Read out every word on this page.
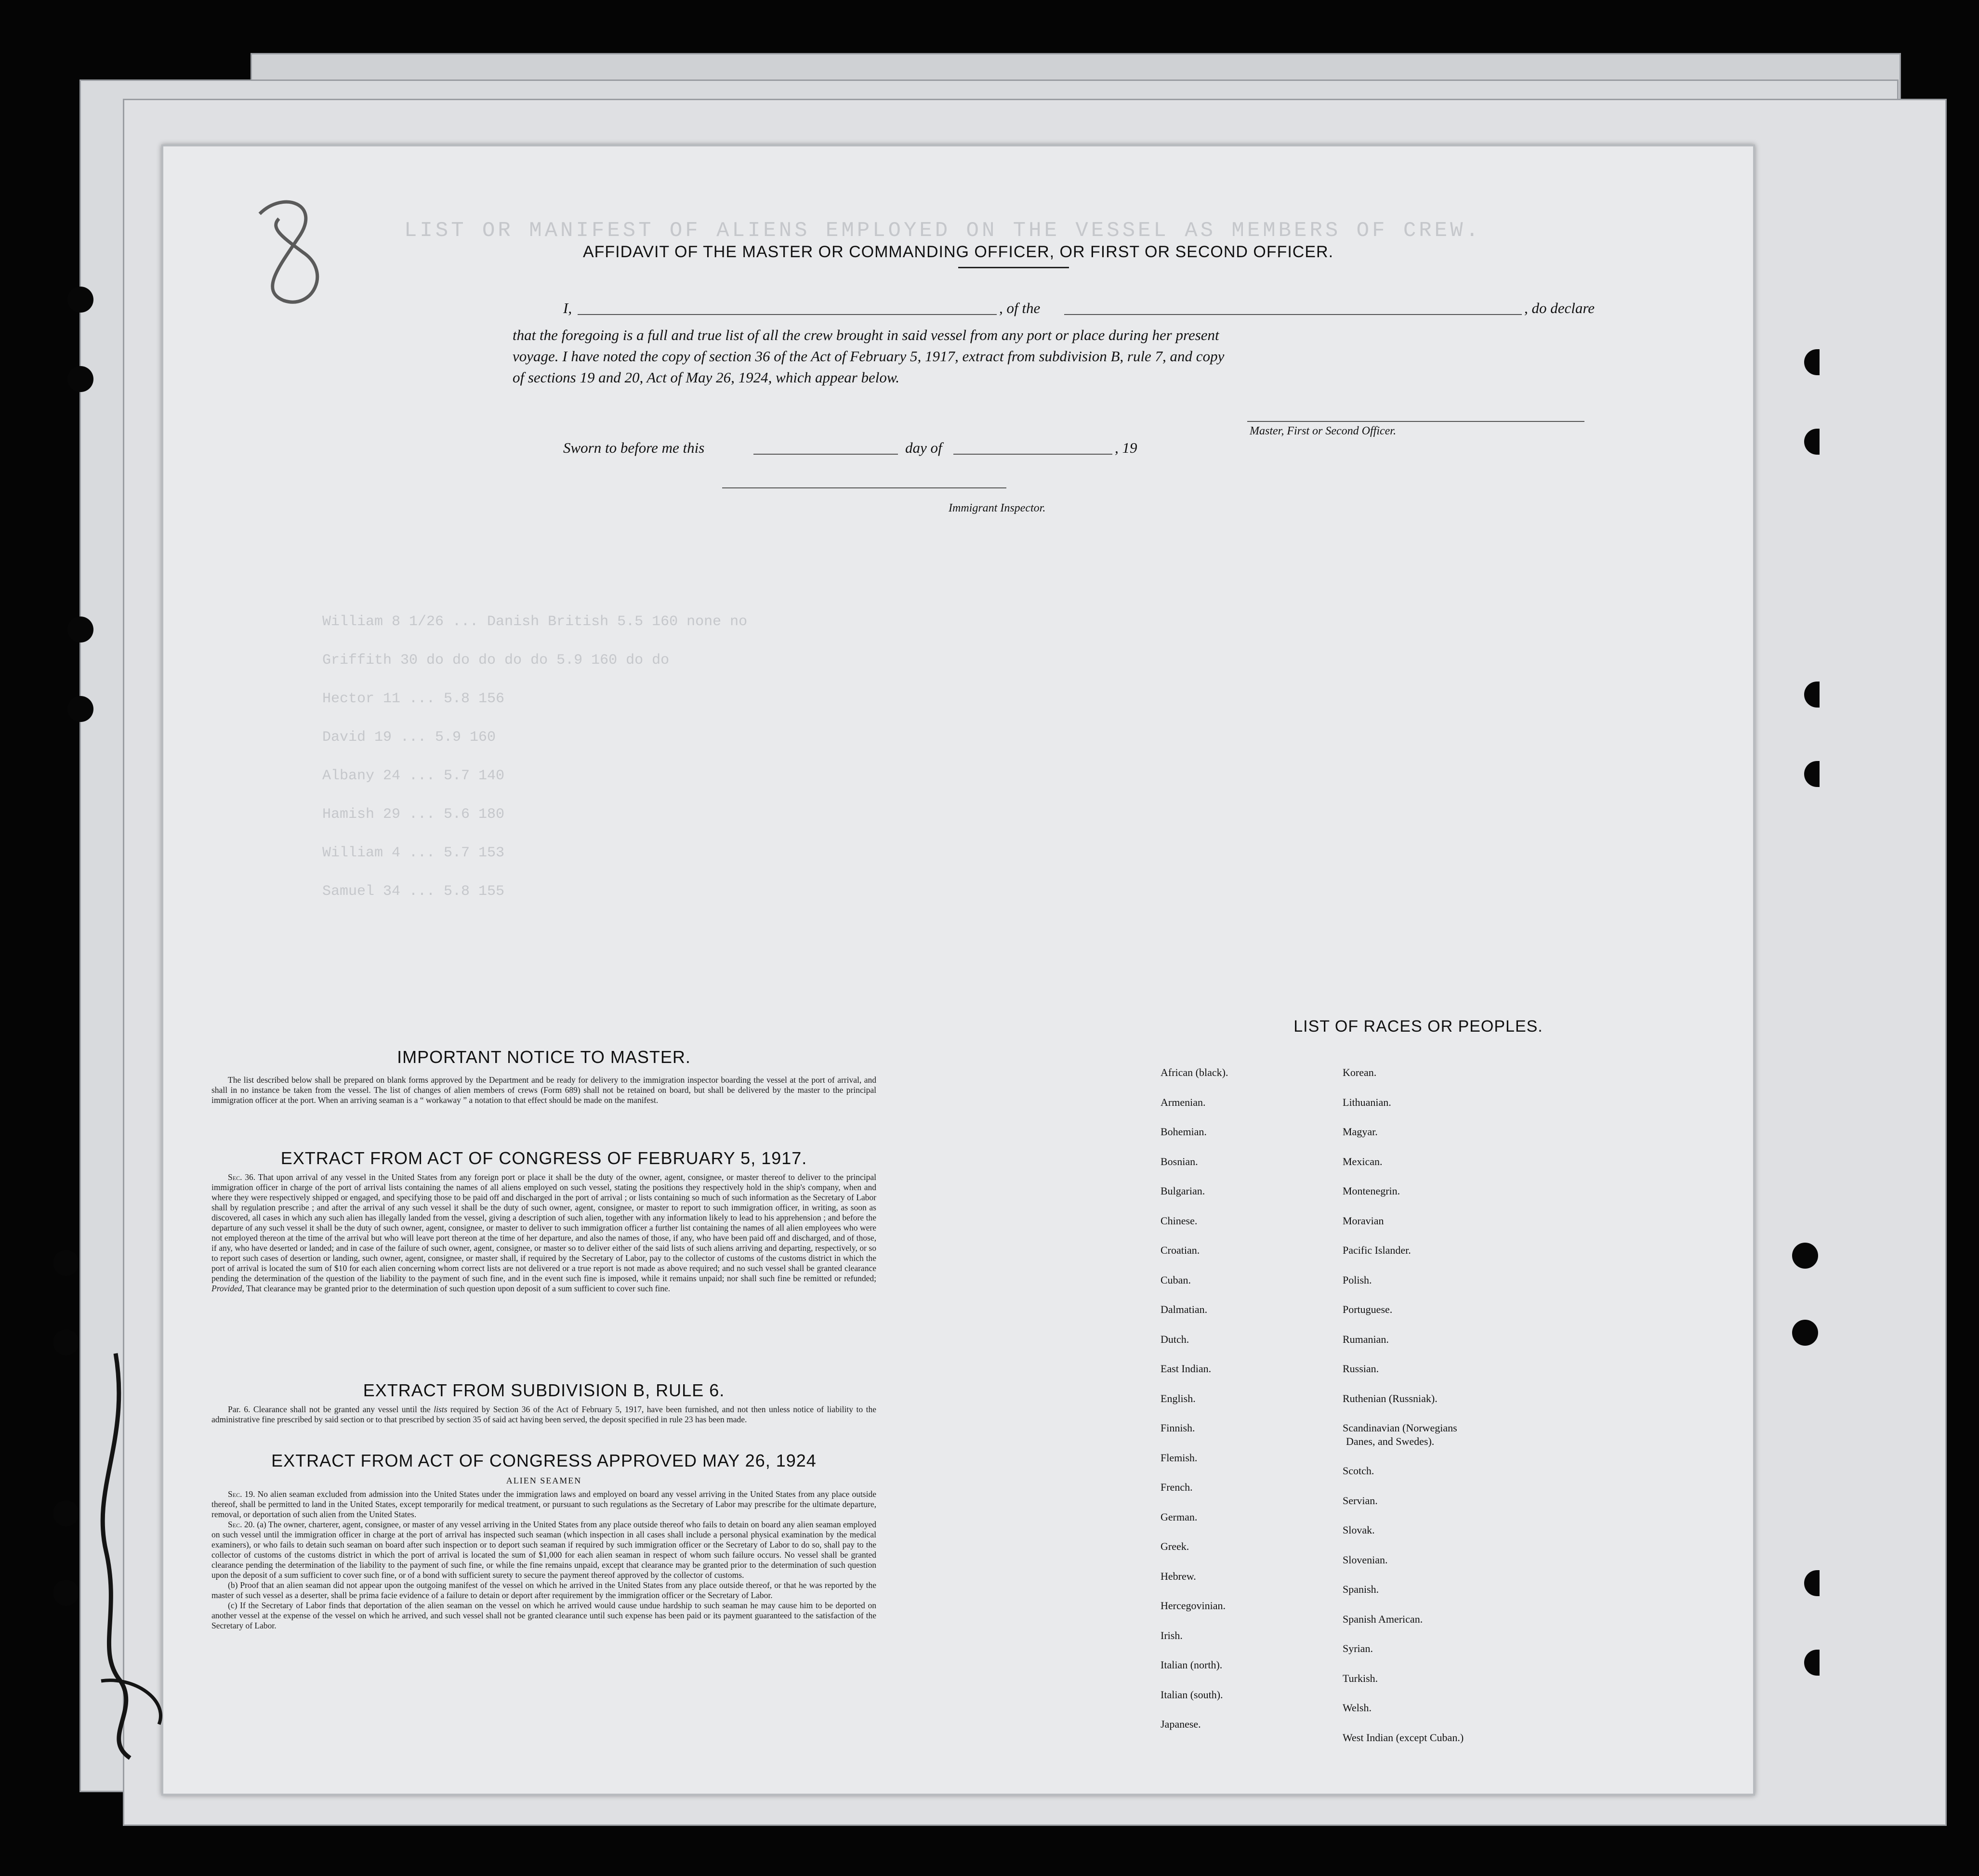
LIST OR MANIFEST OF ALIENS EMPLOYED ON THE VESSEL AS MEMBERS OF CREW.
William 8 1/26 ... Danish British 5.5 160 none no
Griffith 30 do do do do do 5.9 160 do do
Hector 11 ... 5.8 156
David 19 ... 5.9 160
Albany 24 ... 5.7 140
Hamish 29 ... 5.6 180
William 4 ... 5.7 153
Samuel 34 ... 5.8 155
AFFIDAVIT OF THE MASTER OR COMMANDING OFFICER, OR FIRST OR SECOND OFFICER.
I,	, of the	, do declare
that the foregoing is a full and true list of all the crew brought in said vessel from any port or place during her present
voyage. I have noted the copy of section 36 of the Act of February 5, 1917, extract from subdivision B, rule 7, and copy
of sections 19 and 20, Act of May 26, 1924, which appear below.
Master, First or Second Officer.
Sworn to before me this	day of	, 19
Immigrant Inspector.
IMPORTANT NOTICE TO MASTER.

The list described below shall be prepared on blank forms approved by the Department and be ready for delivery to the immigration inspector boarding the vessel at the port of arrival, and shall in no instance be taken from the vessel. The list of changes of alien members of crews (Form 689) shall not be retained on board, but shall be delivered by the master to the principal immigration officer at the port. When an arriving seaman is a “ workaway ” a notation to that effect should be made on the manifest.

EXTRACT FROM ACT OF CONGRESS OF FEBRUARY 5, 1917.

Sec. 36. That upon arrival of any vessel in the United States from any foreign port or place it shall be the duty of the owner, agent, consignee, or master thereof to deliver to the principal immigration officer in charge of the port of arrival lists containing the names of all aliens employed on such vessel, stating the positions they respectively hold in the ship's company, when and where they were respectively shipped or engaged, and specifying those to be paid off and discharged in the port of arrival ; or lists containing so much of such information as the Secretary of Labor shall by regulation prescribe ; and after the arrival of any such vessel it shall be the duty of such owner, agent, consignee, or master to report to such immigration officer, in writing, as soon as discovered, all cases in which any such alien has illegally landed from the vessel, giving a description of such alien, together with any information likely to lead to his apprehension ; and before the departure of any such vessel it shall be the duty of such owner, agent, consignee, or master to deliver to such immigration officer a further list containing the names of all alien employees who were not employed thereon at the time of the arrival but who will leave port thereon at the time of her departure, and also the names of those, if any, who have been paid off and discharged, and of those, if any, who have deserted or landed; and in case of the failure of such owner, agent, consignee, or master so to deliver either of the said lists of such aliens arriving and departing, respectively, or so to report such cases of desertion or landing, such owner, agent, consignee, or master shall, if required by the Secretary of Labor, pay to the collector of customs of the customs district in which the port of arrival is located the sum of $10 for each alien concerning whom correct lists are not delivered or a true report is not made as above required; and no such vessel shall be granted clearance pending the determination of the question of the liability to the payment of such fine, and in the event such fine is imposed, while it remains unpaid; nor shall such fine be remitted or refunded; Provided, That clearance may be granted prior to the determination of such question upon deposit of a sum sufficient to cover such fine.

EXTRACT FROM SUBDIVISION B, RULE 6.

Par. 6. Clearance shall not be granted any vessel until the lists required by Section 36 of the Act of February 5, 1917, have been furnished, and not then unless notice of liability to the administrative fine prescribed by said section or to that prescribed by section 35 of said act having been served, the deposit specified in rule 23 has been made.

EXTRACT FROM ACT OF CONGRESS APPROVED MAY 26, 1924
ALIEN SEAMEN

Sec. 19. No alien seaman excluded from admission into the United States under the immigration laws and employed on board any vessel arriving in the United States from any place outside thereof, shall be permitted to land in the United States, except temporarily for medical treatment, or pursuant to such regulations as the Secretary of Labor may prescribe for the ultimate departure, removal, or deportation of such alien from the United States.

Sec. 20. (a) The owner, charterer, agent, consignee, or master of any vessel arriving in the United States from any place outside thereof who fails to detain on board any alien seaman employed on such vessel until the immigration officer in charge at the port of arrival has inspected such seaman (which inspection in all cases shall include a personal physical examination by the medical examiners), or who fails to detain such seaman on board after such inspection or to deport such seaman if required by such immigration officer or the Secretary of Labor to do so, shall pay to the collector of customs of the customs district in which the port of arrival is located the sum of $1,000 for each alien seaman in respect of whom such failure occurs. No vessel shall be granted clearance pending the determination of the liability to the payment of such fine, or while the fine remains unpaid, except that clearance may be granted prior to the determination of such question upon the deposit of a sum sufficient to cover such fine, or of a bond with sufficient surety to secure the payment thereof approved by the collector of customs.

(b) Proof that an alien seaman did not appear upon the outgoing manifest of the vessel on which he arrived in the United States from any place outside thereof, or that he was reported by the master of such vessel as a deserter, shall be prima facie evidence of a failure to detain or deport after requirement by the immigration officer or the Secretary of Labor.

(c) If the Secretary of Labor finds that deportation of the alien seaman on the vessel on which he arrived would cause undue hardship to such seaman he may cause him to be deported on another vessel at the expense of the vessel on which he arrived, and such vessel shall not be granted clearance until such expense has been paid or its payment guaranteed to the satisfaction of the Secretary of Labor.

LIST OF RACES OR PEOPLES.
African (black).
Armenian.
Bohemian.
Bosnian.
Bulgarian.
Chinese.
Croatian.
Cuban.
Dalmatian.
Dutch.
East Indian.
English.
Finnish.
Flemish.
French.
German.
Greek.
Hebrew.
Hercegovinian.
Irish.
Italian (north).
Italian (south).
Japanese.
Korean.
Lithuanian.
Magyar.
Mexican.
Montenegrin.
Moravian
Pacific Islander.
Polish.
Portuguese.
Rumanian.
Russian.
Ruthenian (Russniak).
Scandinavian (Norwegians
Danes, and Swedes).
Scotch.
Servian.
Slovak.
Slovenian.
Spanish.
Spanish American.
Syrian.
Turkish.
Welsh.
West Indian (except Cuban.)
